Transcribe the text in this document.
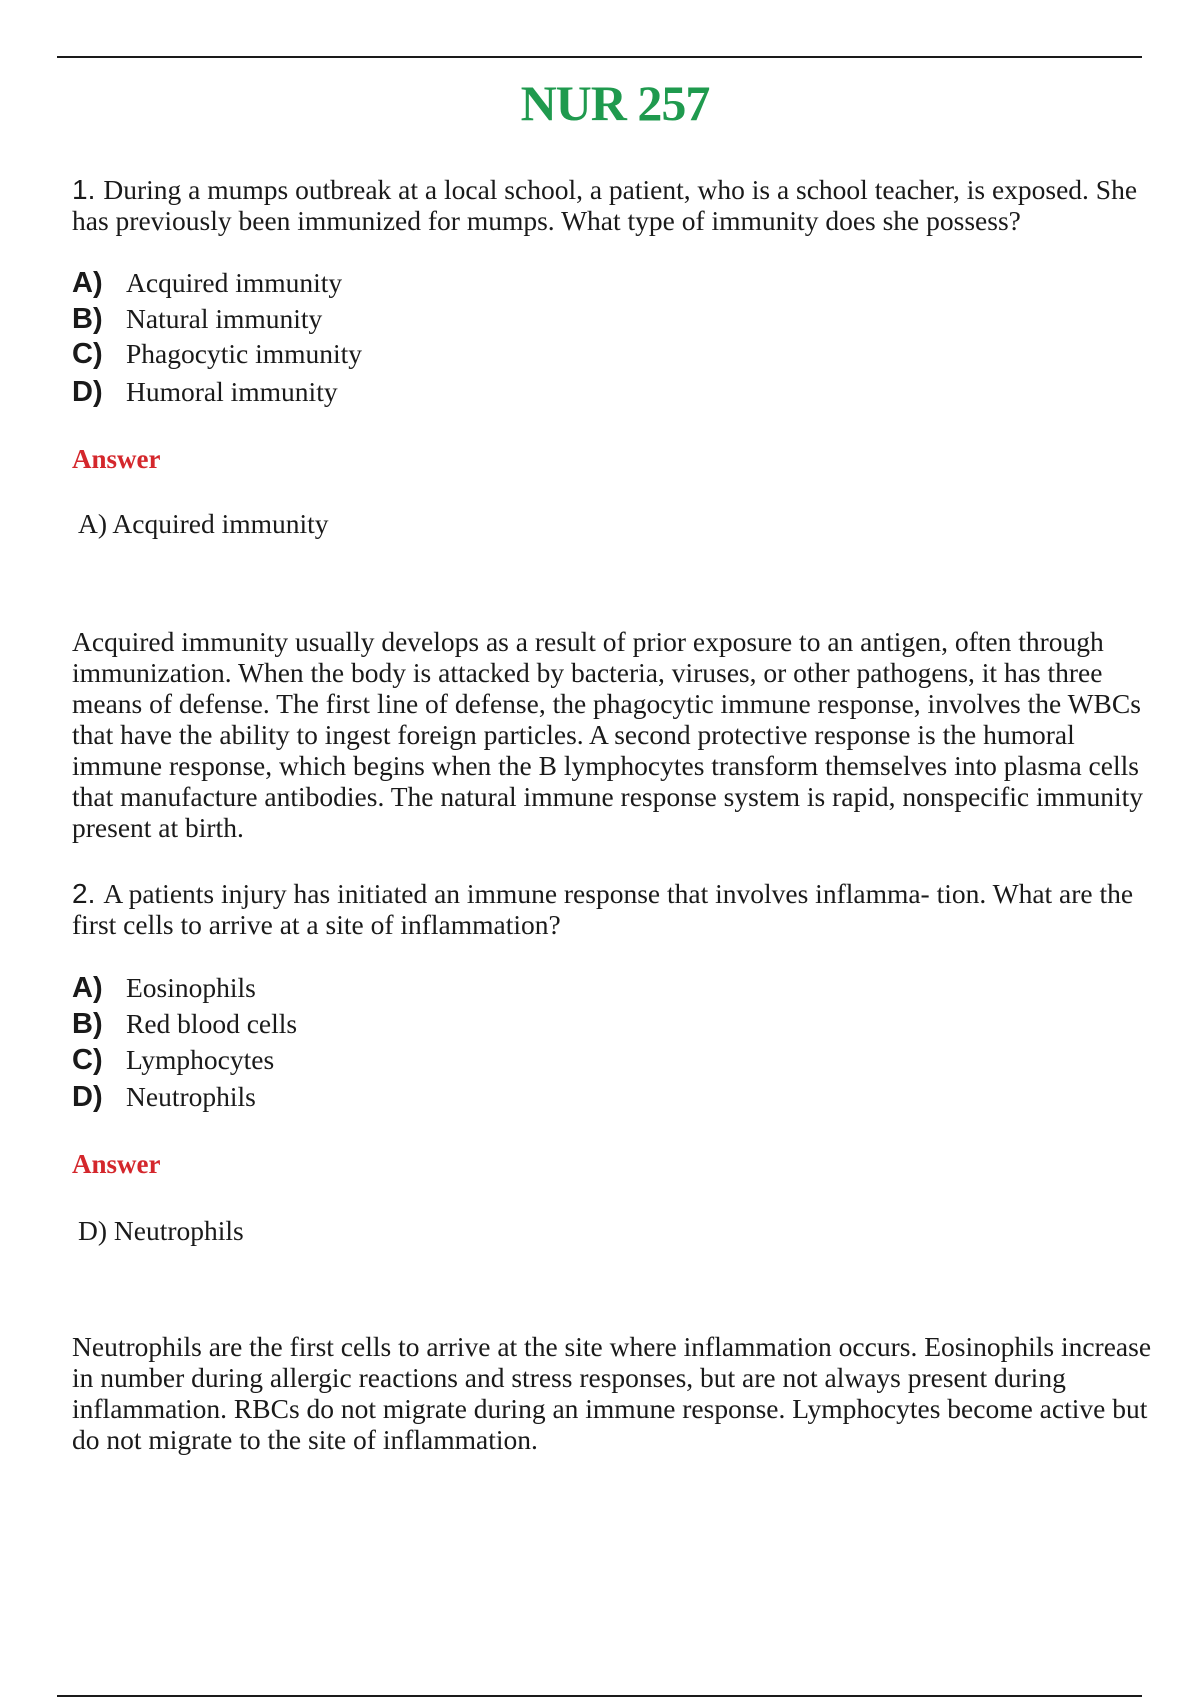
NUR 257
1. During a mumps outbreak at a local school, a patient, who is a school teacher, is exposed. She has previously been immunized for mumps. What type of immunity does she possess?
A) Acquired immunity
B) Natural immunity
C) Phagocytic immunity
D) Humoral immunity
Answer
A) Acquired immunity
Acquired immunity usually develops as a result of prior exposure to an antigen, often through immunization. When the body is attacked by bacteria, viruses, or other pathogens, it has three means of defense. The first line of defense, the phagocytic immune response, involves the WBCs that have the ability to ingest foreign particles. A second protective response is the humoral immune response, which begins when the B lymphocytes transform themselves into plasma cells that manufacture antibodies. The natural immune response system is rapid, nonspecific immunity present at birth.
2. A patients injury has initiated an immune response that involves inflamma- tion. What are the first cells to arrive at a site of inflammation?
A) Eosinophils
B) Red blood cells
C) Lymphocytes
D) Neutrophils
Answer
D) Neutrophils
Neutrophils are the first cells to arrive at the site where inflammation occurs. Eosinophils increase in number during allergic reactions and stress responses, but are not always present during inflammation. RBCs do not migrate during an immune response. Lymphocytes become active but do not migrate to the site of inflammation.
